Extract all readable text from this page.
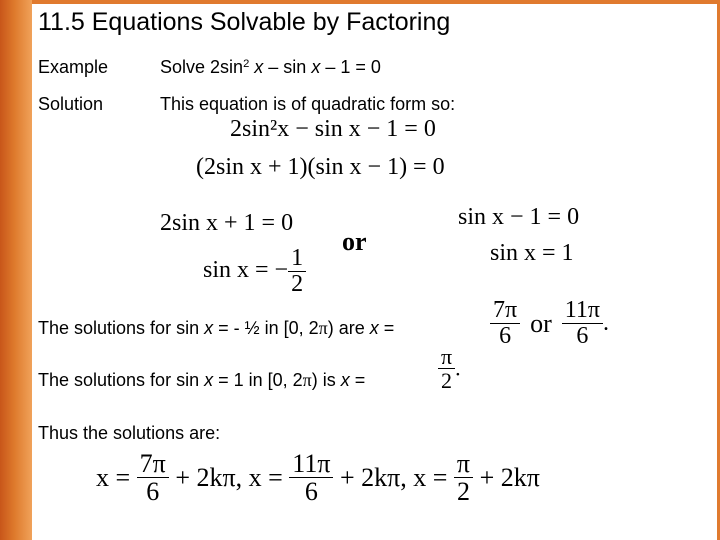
11.5 Equations Solvable by Factoring
Example	Solve $2\sin^2$ x – sin x – 1 = 0
Solution	This equation is of quadratic form so:
2sin²x − sin x − 1 = 0
(2sin x + 1)(sin x − 1) = 0
2sin x + 1 = 0
sin x = − $\frac{1}{2}$
or
sin x − 1 = 0
sin x = 1
The solutions for sin x = - ½ in [0, 2π) are x =	$\frac{7\pi}{6}$ or $\frac{11\pi}{6}$ .
The solutions for sin x = 1 in [0, 2π) is x =	$\frac{\pi}{2}$ .
Thus the solutions are:
$x = \frac{7\pi}{6} + 2k\pi$, $x = \frac{11\pi}{6} + 2k\pi$, $x = \frac{\pi}{2} + 2k\pi$
